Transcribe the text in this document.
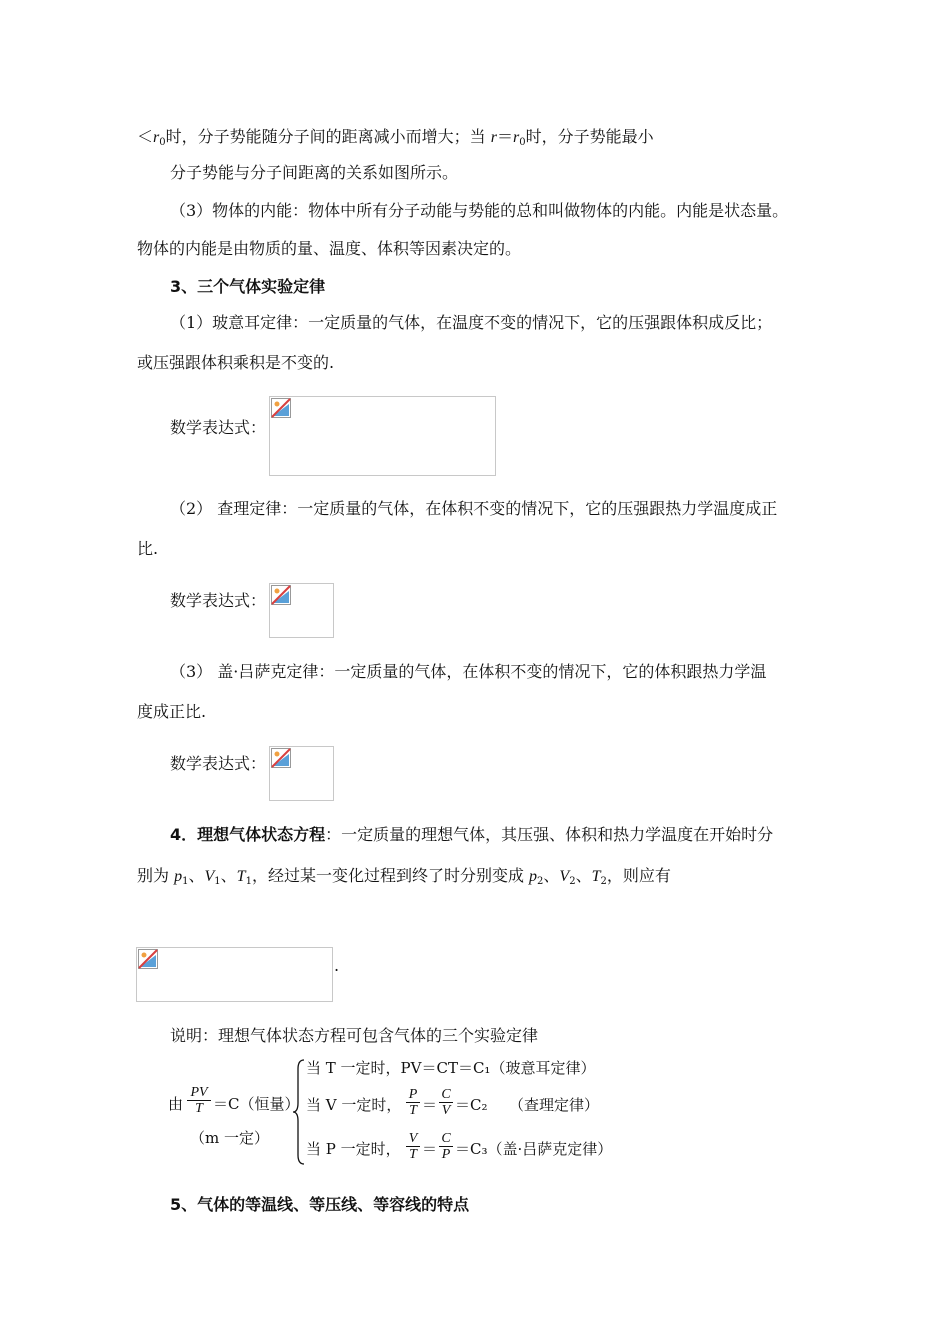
$<r_0$时，分子势能随分子间的距离减小而增大；当 $r=r_0$时，分子势能最小
分子势能与分子间距离的关系如图所示。
（3）物体的内能：物体中所有分子动能与势能的总和叫做物体的内能。内能是状态量。
物体的内能是由物质的量、温度、体积等因素决定的。
3、三个气体实验定律
（1）玻意耳定律：一定质量的气体，在温度不变的情况下，它的压强跟体积成反比；
或压强跟体积乘积是不变的.
数学表达式：
（2） 查理定律：一定质量的气体，在体积不变的情况下，它的压强跟热力学温度成正
比.
数学表达式：
（3） 盖·吕萨克定律：一定质量的气体，在体积不变的情况下，它的体积跟热力学温
度成正比.
数学表达式：
4．理想气体状态方程：一定质量的理想气体，其压强、体积和热力学温度在开始时分
别为 $p_1$、$V_1$、$T_1$，经过某一变化过程到终了时分别变成 $p_2$、$V_2$、$T_2$，则应有
.
说明：理想气体状态方程可包含气体的三个实验定律
由
PV
T ＝C（恒量）
（m 一定）
当 T 一定时，PV＝CT＝C₁（玻意耳定律）
当 V 一定时，
P
T ＝
C
V ＝C₂ （查理定律）
当 P 一定时，
V
T ＝
C
P ＝C₃（盖·吕萨克定律）
5、气体的等温线、等压线、等容线的特点
